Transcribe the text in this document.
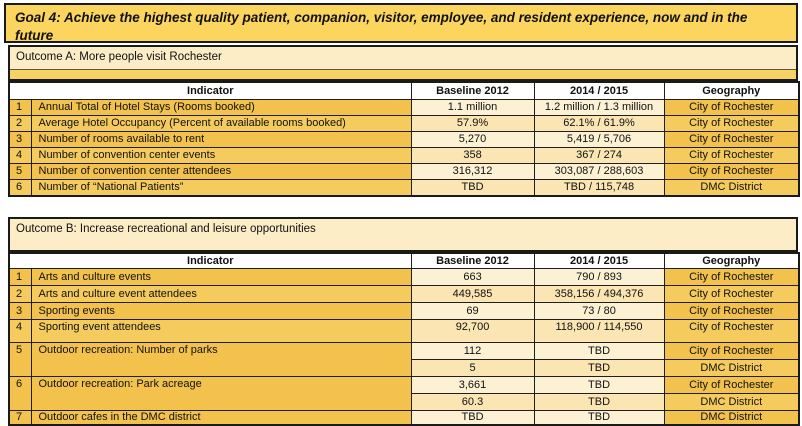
Goal 4: Achieve the highest quality patient, companion, visitor, employee, and resident experience, now and in the future
Outcome A: More people visit Rochester
Indicator		Baseline 2012	2014 / 2015	Geography
1	Annual Total of Hotel Stays (Rooms booked)	1.1 million	1.2 million / 1.3 million	City of Rochester
2	Average Hotel Occupancy (Percent of available rooms booked)	57.9%	62.1% / 61.9%	City of Rochester
3	Number of rooms available to rent	5,270	5,419 / 5,706	City of Rochester
4	Number of convention center events	358	367 / 274	City of Rochester
5	Number of convention center attendees	316,312	303,087 / 288,603	City of Rochester
6	Number of “National Patients”	TBD	TBD / 115,748	DMC District
Outcome B: Increase recreational and leisure opportunities
Indicator		Baseline 2012	2014 / 2015	Geography
1	Arts and culture events	663	790 / 893	City of Rochester
2	Arts and culture event attendees	449,585	358,156 / 494,376	City of Rochester
3	Sporting events	69	73 / 80	City of Rochester
4	Sporting event attendees	92,700	118,900 / 114,550	City of Rochester
5	Outdoor recreation: Number of parks	112	TBD	City of Rochester
		5	TBD	DMC District
6	Outdoor recreation: Park acreage	3,661	TBD	City of Rochester
		60.3	TBD	DMC District
7	Outdoor cafes in the DMC district	TBD	TBD	DMC District
